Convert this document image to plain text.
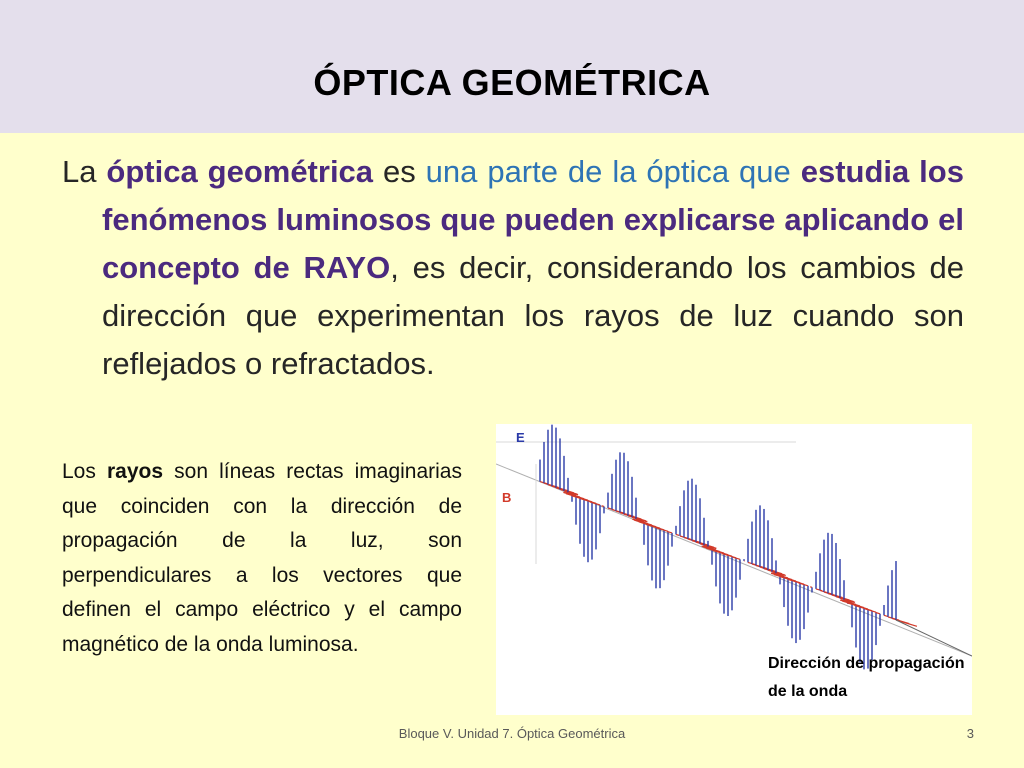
ÓPTICA GEOMÉTRICA
La óptica geométrica es una parte de la óptica que estudia los fenómenos luminosos que pueden explicarse aplicando el concepto de RAYO, es decir, considerando los cambios de dirección que experimentan los rayos de luz cuando son reflejados o refractados.
Los rayos son líneas rectas imaginarias que coinciden con la dirección de propagación de la luz, son perpendiculares a los vectores que definen el campo eléctrico y el campo magnético de la onda luminosa.
E
B
Dirección de propagación
de la onda
Bloque V. Unidad 7. Óptica Geométrica	3
